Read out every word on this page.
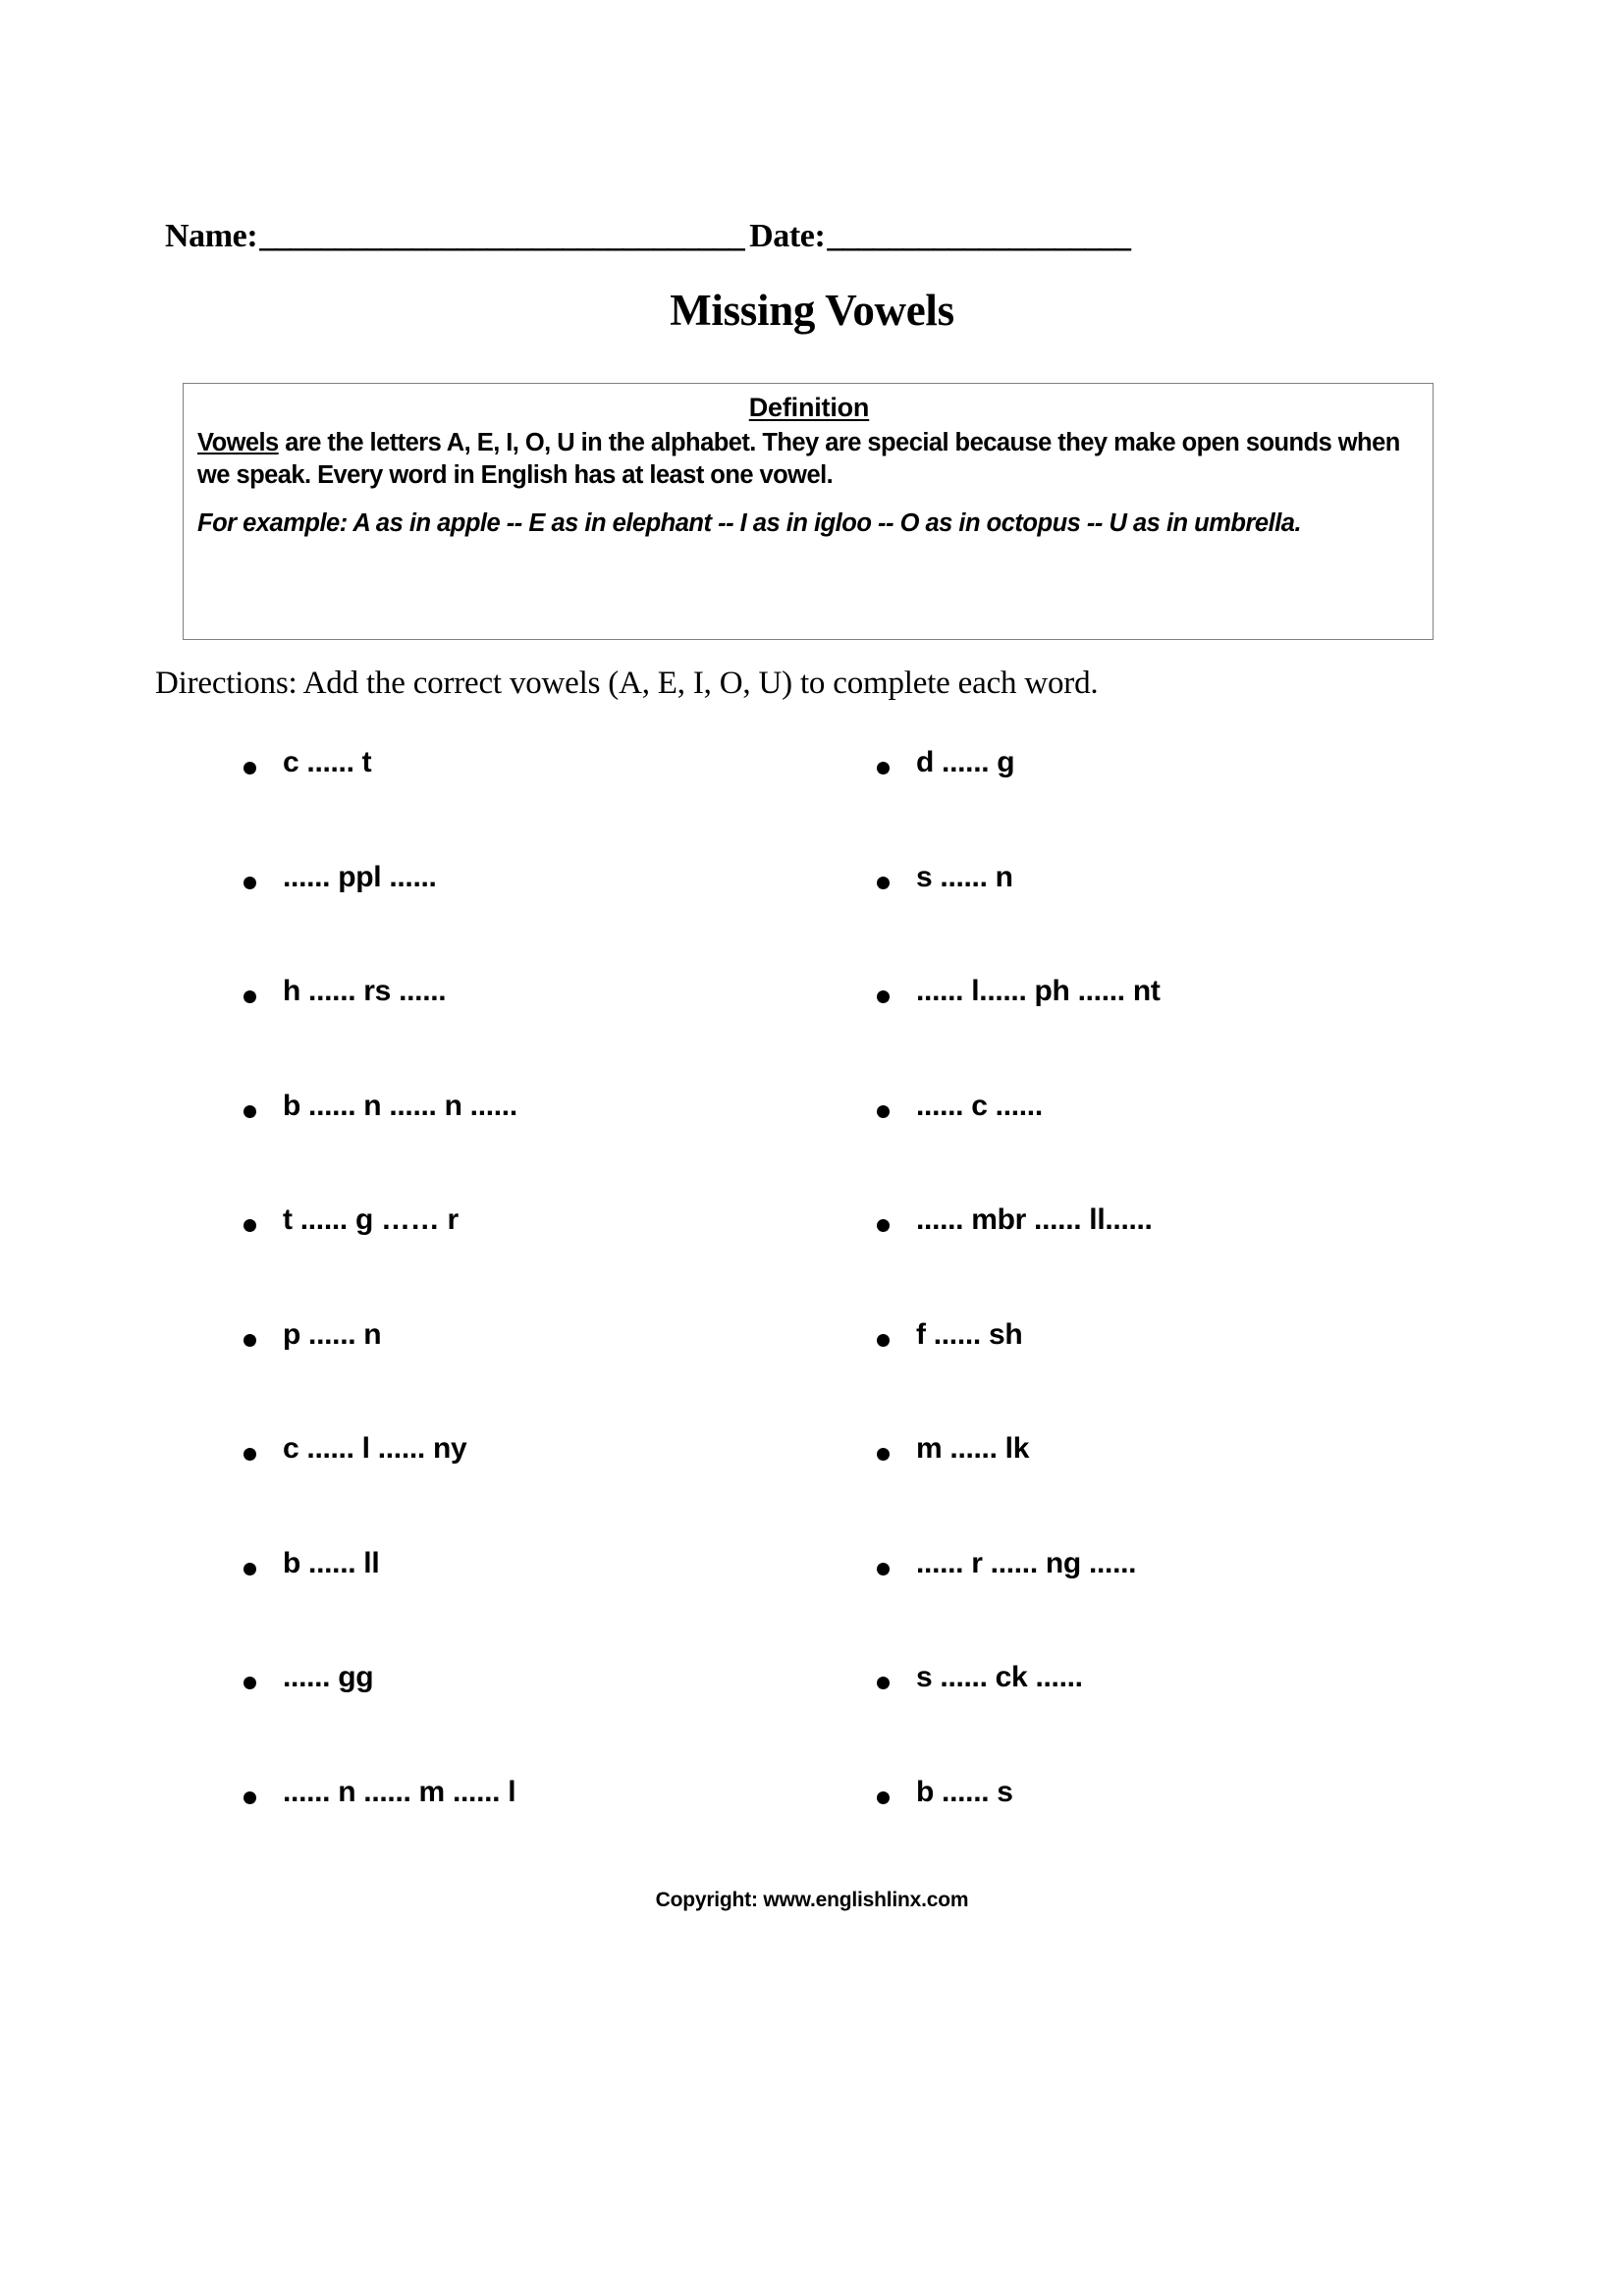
Name: ________________________________ Date: ____________________
Missing Vowels
Definition
Vowels are the letters A, E, I, O, U in the alphabet. They are special because they make open sounds when we speak. Every word in English has at least one vowel.
For example: A as in apple -- E as in elephant -- I as in igloo -- O as in octopus -- U as in umbrella.
Directions: Add the correct vowels (A, E, I, O, U) to complete each word.
c ...... t
...... ppl ......
h ...... rs ......
b ...... n ...... n ......
t ...... g …… r
p ...... n
c ...... l ...... ny
b ...... ll
...... gg
...... n ...... m ...... l
d ...... g
s ...... n
...... l...... ph ...... nt
...... c ......
...... mbr ...... ll......
f ...... sh
m ...... lk
...... r ...... ng ......
s ...... ck ......
b ...... s
Copyright: www.englishlinx.com
